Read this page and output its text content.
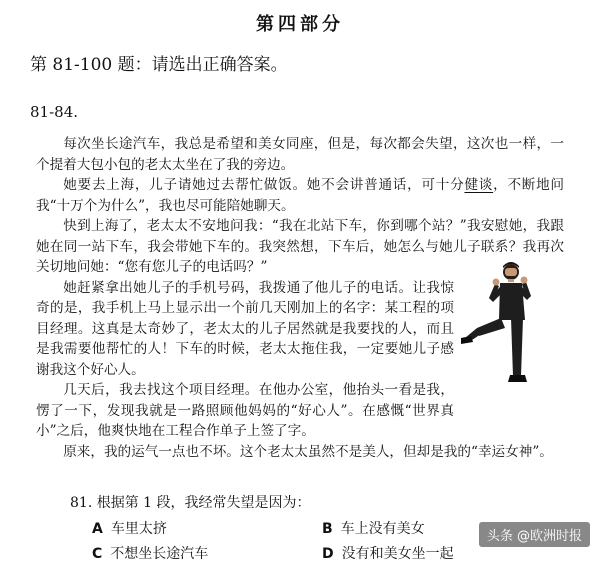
第四部分
第 81-100 题：请选出正确答案。
81-84.

每次坐长途汽车，我总是希望和美女同座，但是，每次都会失望，这次也一样，一个提着大包小包的老太太坐在了我的旁边。

她要去上海，儿子请她过去帮忙做饭。她不会讲普通话，可十分健谈，不断地问我“十万个为什么”，我也尽可能陪她聊天。

快到上海了，老太太不安地问我：“我在北站下车，你到哪个站？”我安慰她，我跟她在同一站下车，我会带她下车的。我突然想，下车后，她怎么与她儿子联系？我再次关切地问她：“您有您儿子的电话吗？”

她赶紧拿出她儿子的手机号码，我拨通了他儿子的电话。让我惊奇的是，我手机上马上显示出一个前几天刚加上的名字：某工程的项目经理。这真是太奇妙了，老太太的儿子居然就是我要找的人，而且是我需要他帮忙的人！下车的时候，老太太拖住我，一定要她儿子感谢我这个好心人。

几天后，我去找这个项目经理。在他办公室，他抬头一看是我，愣了一下，发现我就是一路照顾他妈妈的“好心人”。在感慨“世界真小”之后，他爽快地在工程合作单子上签了字。

原来，我的运气一点也不坏。这个老太太虽然不是美人，但却是我的“幸运女神”。

81. 根据第 1 段，我经常失望是因为：

A 车里太挤	B 车上没有美女
C 不想坐长途汽车	D 没有和美女坐一起
头条 @欧洲时报
